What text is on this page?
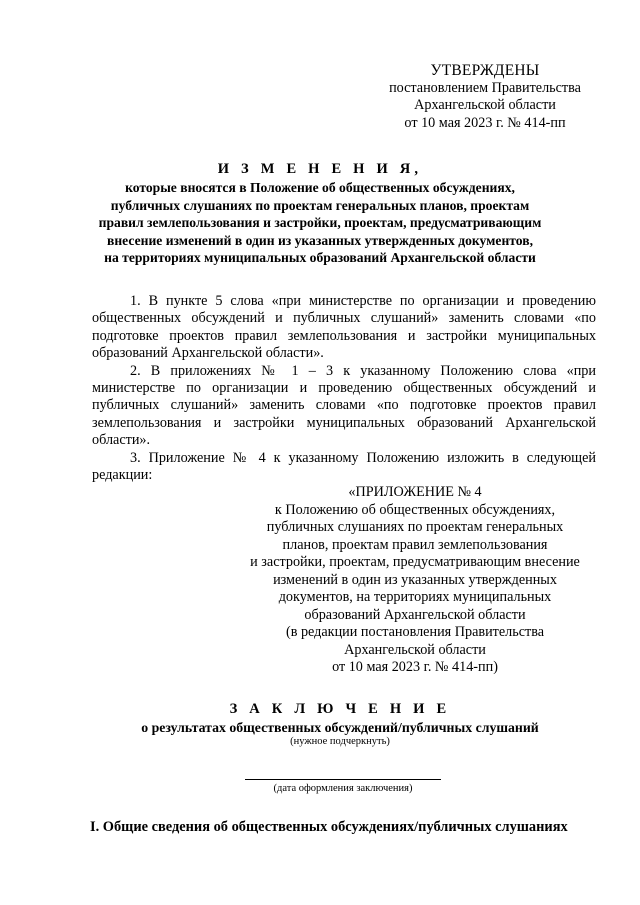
УТВЕРЖДЕНЫ
постановлением Правительства
Архангельской области
от 10 мая 2023 г. № 414-пп
И З М Е Н Е Н И Я,
которые вносятся в Положение об общественных обсуждениях,
публичных слушаниях по проектам генеральных планов, проектам
правил землепользования и застройки, проектам, предусматривающим
внесение изменений в один из указанных утвержденных документов,
на территориях муниципальных образований Архангельской области

1. В пункте 5 слова «при министерстве по организации и проведению общественных обсуждений и публичных слушаний» заменить словами «по подготовке проектов правил землепользования и застройки муниципальных образований Архангельской области».

2. В приложениях № 1 – 3 к указанному Положению слова «при министерстве по организации и проведению общественных обсуждений и публичных слушаний» заменить словами «по подготовке проектов правил землепользования и застройки муниципальных образований Архангельской области».

3. Приложение № 4 к указанному Положению изложить в следующей редакции:

«ПРИЛОЖЕНИЕ № 4
к Положению об общественных обсуждениях,
публичных слушаниях по проектам генеральных
планов, проектам правил землепользования
и застройки, проектам, предусматривающим внесение
изменений в один из указанных утвержденных
документов, на территориях муниципальных
образований Архангельской области
(в редакции постановления Правительства
Архангельской области
от 10 мая 2023 г. № 414-пп)
З А К Л Ю Ч Е Н И Е
о результатах общественных обсуждений/публичных слушаний
(нужное подчеркнуть)
(дата оформления заключения)
I. Общие сведения об общественных обсуждениях/публичных слушаниях
